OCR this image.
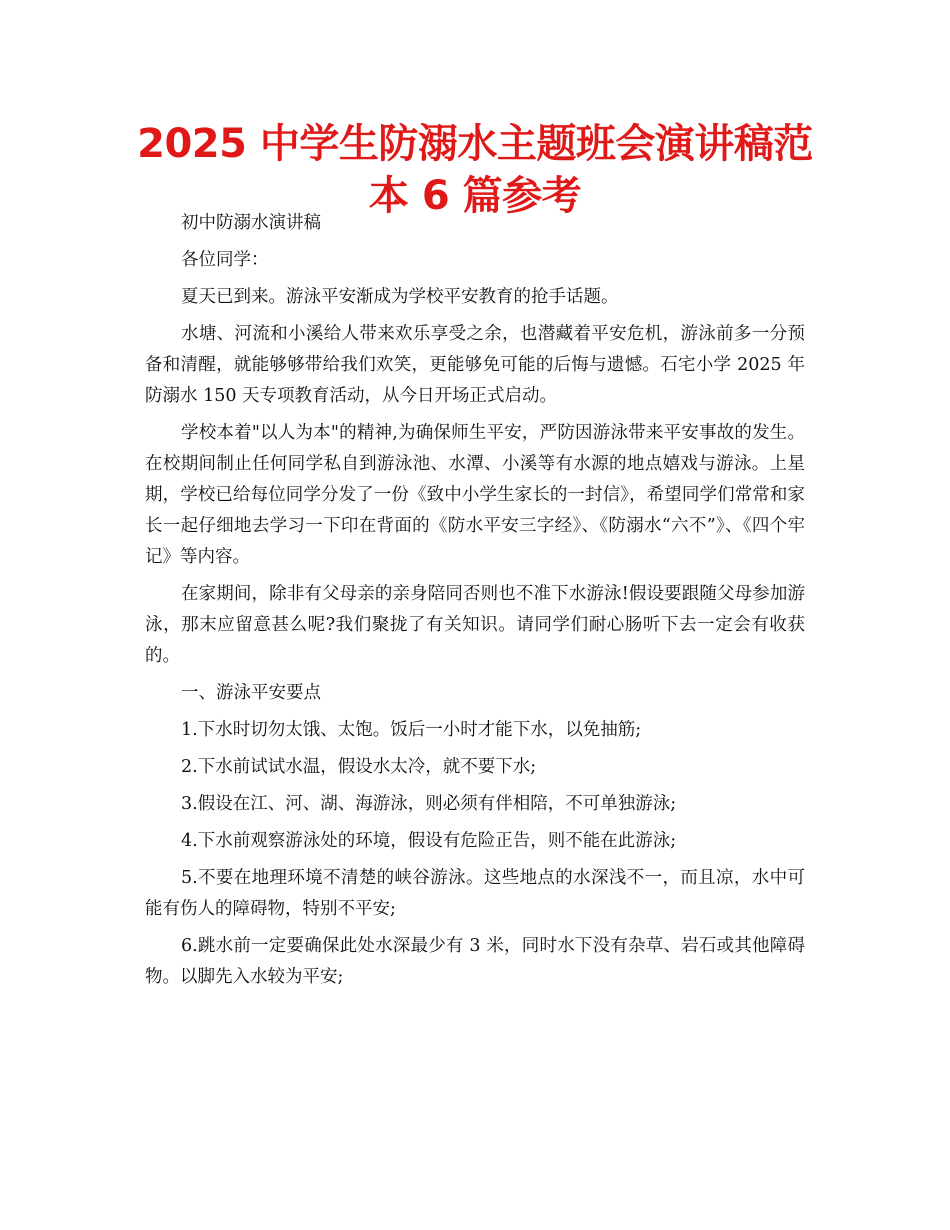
2025 中学生防溺水主题班会演讲稿范本 6 篇参考

初中防溺水演讲稿

各位同学：

夏天已到来。游泳平安渐成为学校平安教育的抢手话题。

水塘、河流和小溪给人带来欢乐享受之余，也潜藏着平安危机，游泳前多一分预备和清醒，就能够够带给我们欢笑，更能够免可能的后悔与遗憾。石宅小学 2025 年防溺水 150 天专项教育活动，从今日开场正式启动。

学校本着"以人为本"的精神,为确保师生平安，严防因游泳带来平安事故的发生。在校期间制止任何同学私自到游泳池、水潭、小溪等有水源的地点嬉戏与游泳。上星期，学校已给每位同学分发了一份《致中小学生家长的一封信》，希望同学们常常和家长一起仔细地去学习一下印在背面的《防水平安三字经》、《防溺水“六不”》、《四个牢记》等内容。

在家期间，除非有父母亲的亲身陪同否则也不准下水游泳!假设要跟随父母参加游泳，那末应留意甚么呢?我们聚拢了有关知识。请同学们耐心肠听下去一定会有收获的。

一、游泳平安要点

1.下水时切勿太饿、太饱。饭后一小时才能下水，以免抽筋;

2.下水前试试水温，假设水太冷，就不要下水;

3.假设在江、河、湖、海游泳，则必须有伴相陪，不可单独游泳;

4.下水前观察游泳处的环境，假设有危险正告，则不能在此游泳;

5.不要在地理环境不清楚的峡谷游泳。这些地点的水深浅不一，而且凉，水中可能有伤人的障碍物，特别不平安;

6.跳水前一定要确保此处水深最少有 3 米，同时水下没有杂草、岩石或其他障碍物。以脚先入水较为平安;
